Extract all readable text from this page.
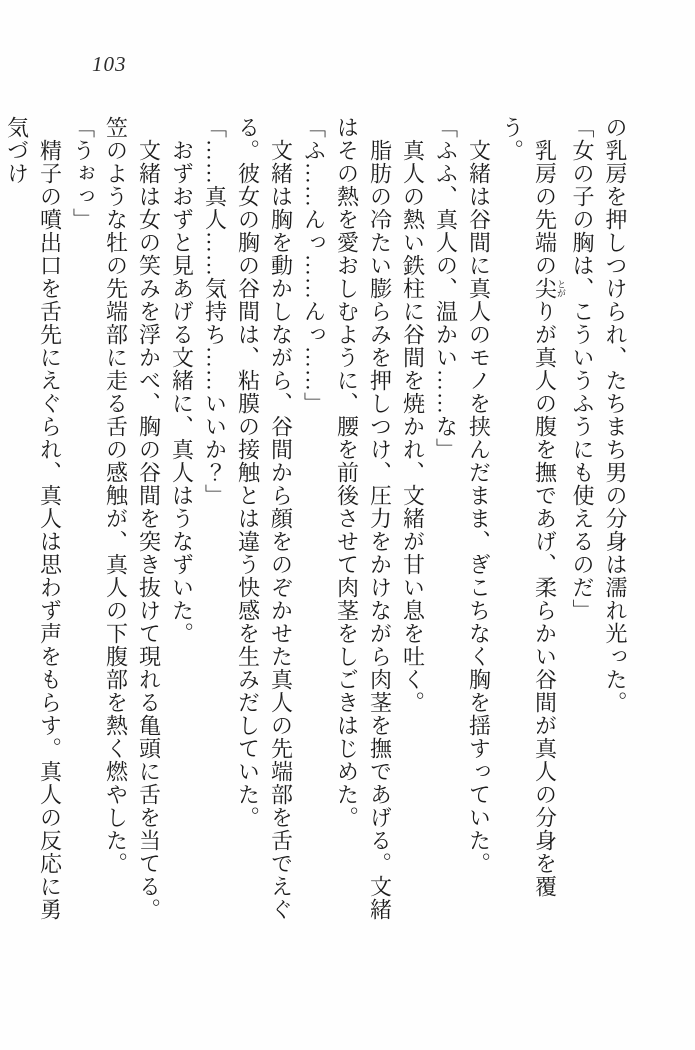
103

の乳房を押しつけられ、たちまち男の分身は濡れ光った。

「女の子の胸は、こういうふうにも使えるのだ」

乳房の先端の尖とがりが真人の腹を撫であげ、柔らかい谷間が真人の分身を覆う。

文緒は谷間に真人のモノを挟んだまま、ぎこちなく胸を揺すっていた。

「ふふ、真人の、温かい……な」

真人の熱い鉄柱に谷間を焼かれ、文緒が甘い息を吐く。

脂肪の冷たい膨らみを押しつけ、圧力をかけながら肉茎を撫であげる。文緒はその熱を愛おしむように、腰を前後させて肉茎をしごきはじめた。

「ふ……んっ……んっ……」

文緒は胸を動かしながら、谷間から顔をのぞかせた真人の先端部を舌でえぐる。彼女の胸の谷間は、粘膜の接触とは違う快感を生みだしていた。

「……真人……気持ち……いいか？」

おずおずと見あげる文緒に、真人はうなずいた。

文緒は女の笑みを浮かべ、胸の谷間を突き抜けて現れる亀頭に舌を当てる。笠のような牡の先端部に走る舌の感触が、真人の下腹部を熱く燃やした。

「うぉっ」

精子の噴出口を舌先にえぐられ、真人は思わず声をもらす。真人の反応に勇気づけ
